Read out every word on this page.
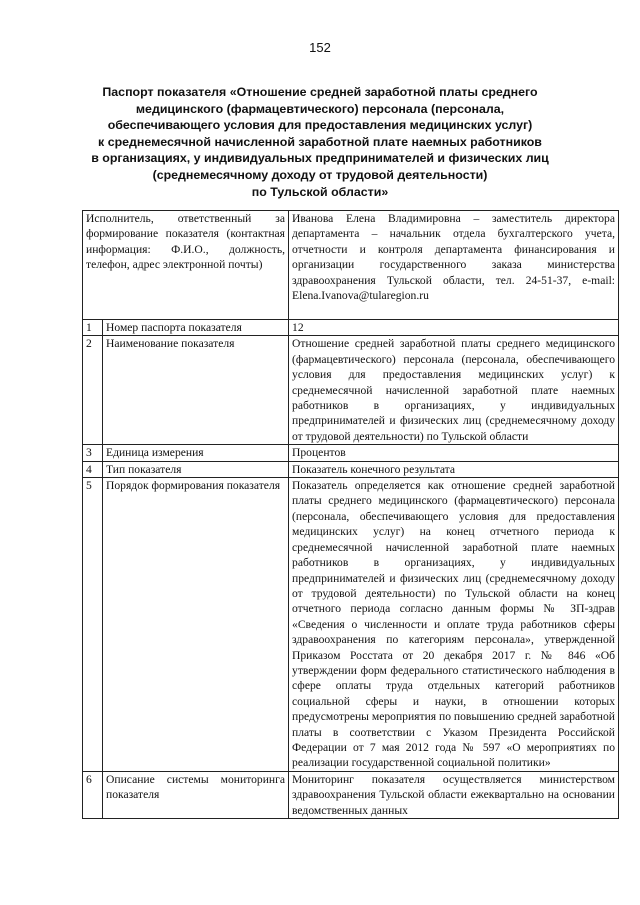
152
Паспорт показателя «Отношение средней заработной платы среднего
медицинского (фармацевтического) персонала (персонала,
обеспечивающего условия для предоставления медицинских услуг)
к среднемесячной начисленной заработной плате наемных работников
в организациях, у индивидуальных предпринимателей и физических лиц
(среднемесячному доходу от трудовой деятельности)
по Тульской области»
Исполнитель, ответственный за формирование показателя (контактная информация: Ф.И.О., должность, телефон, адрес электронной почты)		Иванова Елена Владимировна – заместитель директора департамента – начальник отдела бухгалтерского учета, отчетности и контроля департамента финансирования и организации государственного заказа министерства здравоохранения Тульской области, тел. 24-51-37, e-mail: Elena.Ivanova@tularegion.ru
1	Номер паспорта показателя	12
2	Наименование показателя	Отношение средней заработной платы среднего медицинского (фармацевтического) персонала (персонала, обеспечивающего условия для предоставления медицинских услуг) к среднемесячной начисленной заработной плате наемных работников в организациях, у индивидуальных предпринимателей и физических лиц (среднемесячному доходу от трудовой деятельности) по Тульской области
3	Единица измерения	Процентов
4	Тип показателя	Показатель конечного результата
5	Порядок формирования показателя	Показатель определяется как отношение средней заработной платы среднего медицинского (фармацевтического) персонала (персонала, обеспечивающего условия для предоставления медицинских услуг) на конец отчетного периода к среднемесячной начисленной заработной плате наемных работников в организациях, у индивидуальных предпринимателей и физических лиц (среднемесячному доходу от трудовой деятельности) по Тульской области на конец отчетного периода согласно данным формы № ЗП-здрав «Сведения о численности и оплате труда работников сферы здравоохранения по категориям персонала», утвержденной Приказом Росстата от 20 декабря 2017 г. № 846 «Об утверждении форм федерального статистического наблюдения в сфере оплаты труда отдельных категорий работников социальной сферы и науки, в отношении которых предусмотрены мероприятия по повышению средней заработной платы в соответствии с Указом Президента Российской Федерации от 7 мая 2012 года № 597 «О мероприятиях по реализации государственной социальной политики»
6	Описание системы мониторинга показателя	Мониторинг показателя осуществляется министерством здравоохранения Тульской области ежеквартально на основании ведомственных данных
